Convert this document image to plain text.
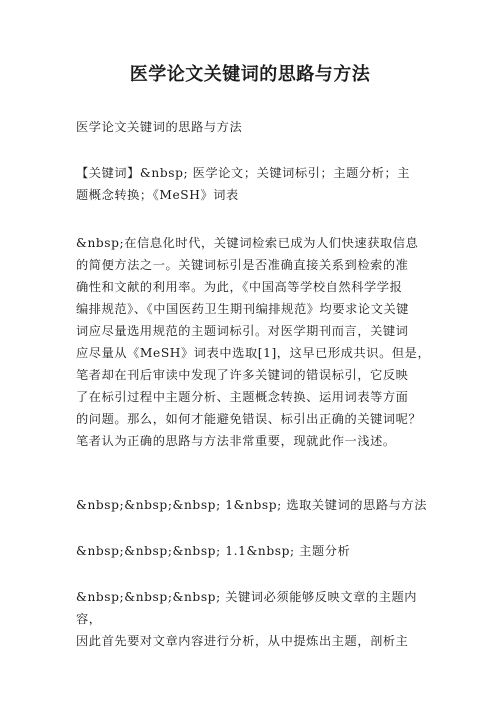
医学论文关键词的思路与方法
医学论文关键词的思路与方法
【关键词】&nbsp; 医学论文；关键词标引；主题分析；主
题概念转换；《MeSH》词表
&nbsp;在信息化时代，关键词检索已成为人们快速获取信息
的简便方法之一。关键词标引是否准确直接关系到检索的准
确性和文献的利用率。为此，《中国高等学校自然科学学报
编排规范》、《中国医药卫生期刊编排规范》均要求论文关键
词应尽量选用规范的主题词标引。对医学期刊而言，关键词
应尽量从《MeSH》词表中选取[1]，这早已形成共识。但是，
笔者却在刊后审读中发现了许多关键词的错误标引，它反映
了在标引过程中主题分析、主题概念转换、运用词表等方面
的问题。那么，如何才能避免错误、标引出正确的关键词呢？
笔者认为正确的思路与方法非常重要，现就此作一浅述。
&nbsp;&nbsp;&nbsp; 1&nbsp; 选取关键词的思路与方法
&nbsp;&nbsp;&nbsp; 1.1&nbsp; 主题分析
&nbsp;&nbsp;&nbsp; 关键词必须能够反映文章的主题内容，
因此首先要对文章内容进行分析，从中提炼出主题，剖析主
